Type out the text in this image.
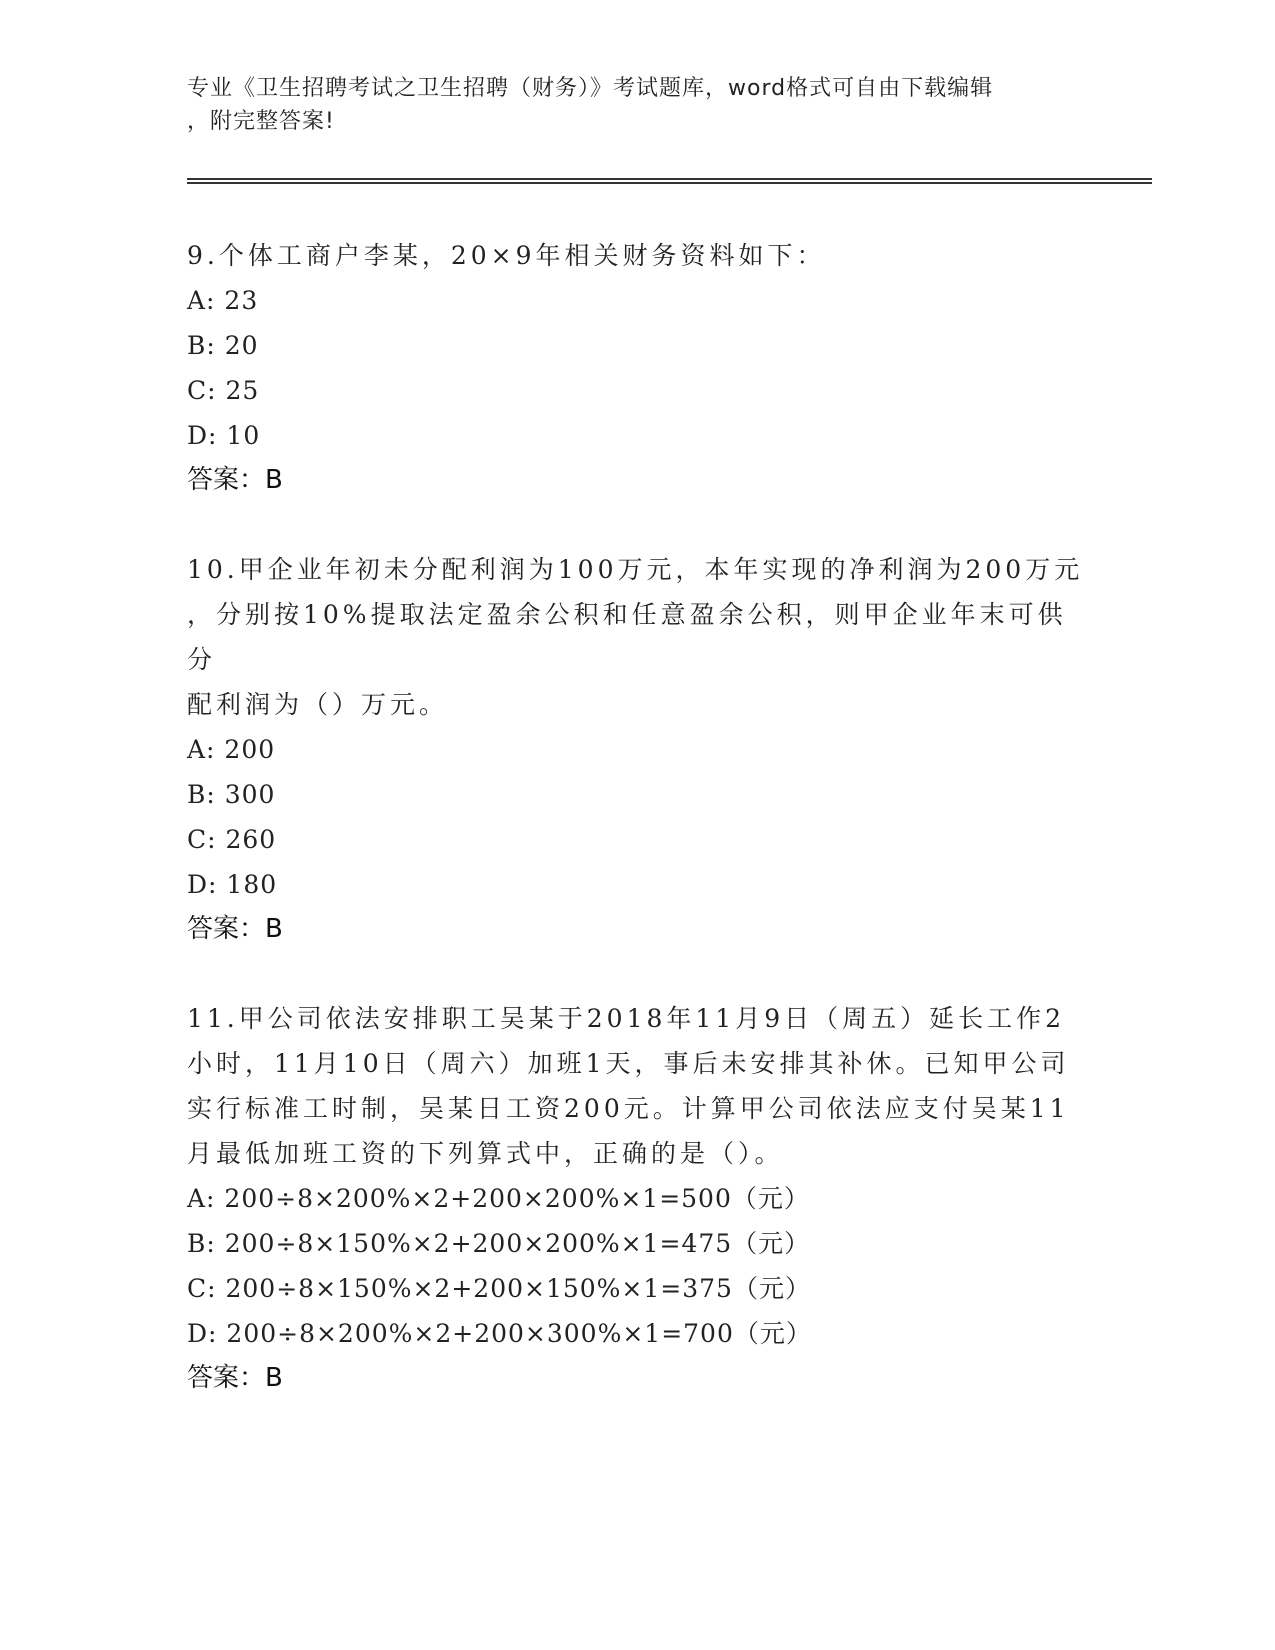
专业《卫生招聘考试之卫生招聘（财务）》考试题库，word格式可自由下载编辑
，附完整答案!

9.个体工商户李某，20×9年相关财务资料如下：

A: 23

B: 20

C: 25

D: 10

答案：B

10.甲企业年初未分配利润为100万元，本年实现的净利润为200万元

，分别按10%提取法定盈余公积和任意盈余公积，则甲企业年末可供分

配利润为（）万元。

A: 200

B: 300

C: 260

D: 180

答案：B

11.甲公司依法安排职工吴某于2018年11月9日（周五）延长工作2

小时，11月10日（周六）加班1天，事后未安排其补休。已知甲公司

实行标准工时制，吴某日工资200元。计算甲公司依法应支付吴某11

月最低加班工资的下列算式中，正确的是（）。

A: 200÷8×200%×2+200×200%×1=500（元）

B: 200÷8×150%×2+200×200%×1=475（元）

C: 200÷8×150%×2+200×150%×1=375（元）

D: 200÷8×200%×2+200×300%×1=700（元）

答案：B
